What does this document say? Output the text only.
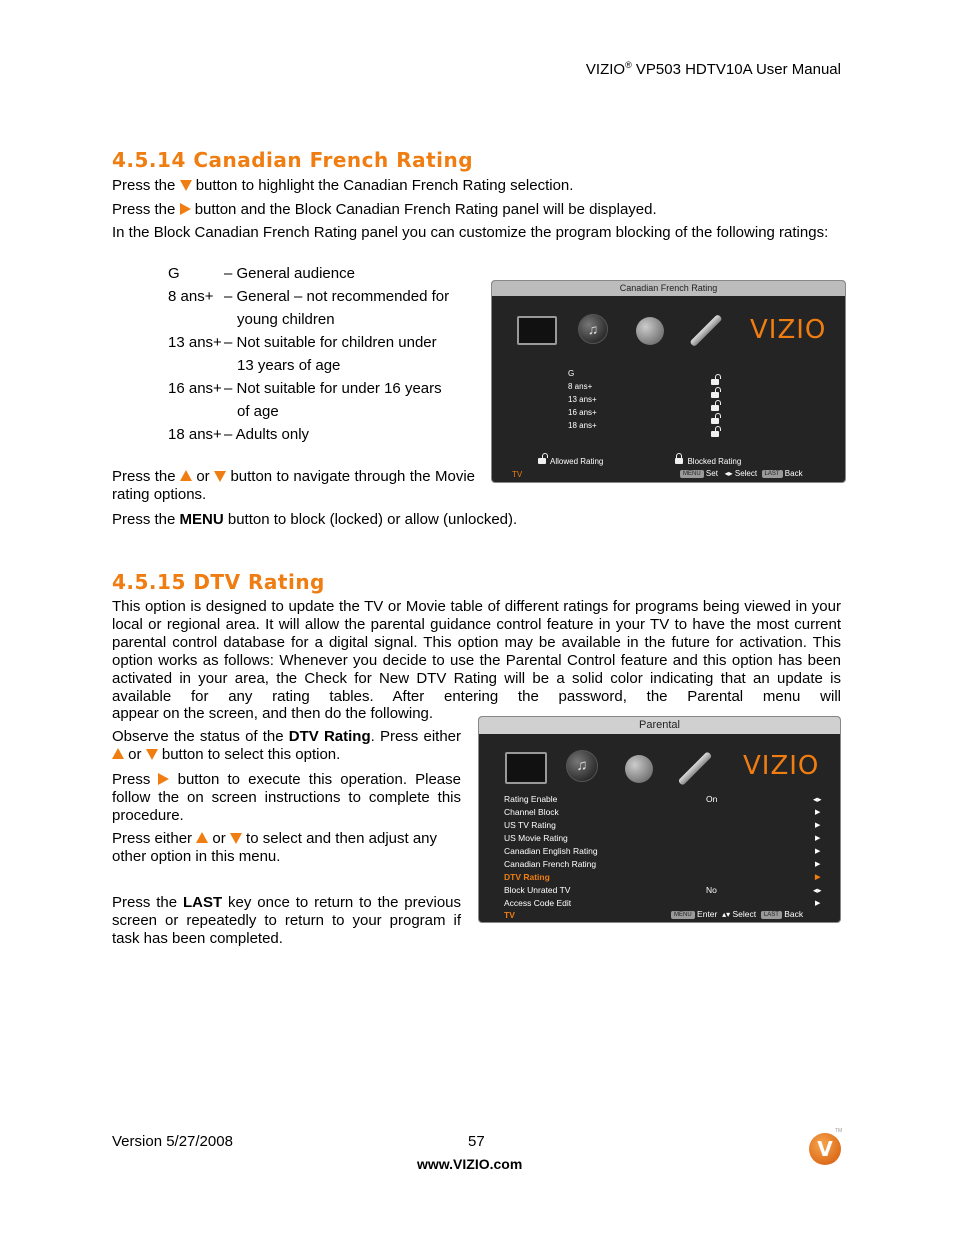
VIZIO® VP503 HDTV10A User Manual
4.5.14 Canadian French Rating
Press the  button to highlight the Canadian French Rating selection.
Press the  button and the Block Canadian French Rating panel will be displayed.
In the Block Canadian French Rating panel you can customize the program blocking of the following ratings:
G	– General audience
8 ans+ – General – not recommended for
young children
13 ans+ – Not suitable for children under
13 years of age
16 ans+ – Not suitable for under 16 years
of age
18 ans+ – Adults only
Press the  or  button to navigate through the Movie rating options.
Press the MENU button to block (locked) or allow (unlocked).
Canadian French Rating
♫	VIZIO
G
8 ans+
13 ans+
16 ans+
18 ans+
Allowed Rating	Blocked Rating
TV	MENU Set ◂▸ Select LAST Back
4.5.15 DTV Rating
This option is designed to update the TV or Movie table of different ratings for programs being viewed in your local or regional area. It will allow the parental guidance control feature in your TV to have the most current parental control database for a digital signal. This option may be available in the future for activation. This option works as follows: Whenever you decide to use the Parental Control feature and this option has been activated in your area, the Check for New DTV Rating will be a solid color indicating that an update is available for any rating tables. After entering the password, the Parental menu will
appear on the screen, and then do the following.
Observe the status of the DTV Rating. Press either  or  button to select this option.
Press  button to execute this operation. Please follow the on screen instructions to complete this procedure.
Press either  or  to select and then adjust any other option in this menu.
Press the LAST key once to return to the previous screen or repeatedly to return to your program if task has been completed.
Parental
♫	VIZIO
Rating Enable	On	◂▸
Channel Block	▶
US TV Rating	▶
US Movie Rating	▶
Canadian English Rating	▶
Canadian French Rating	▶
DTV Rating	▶
Block Unrated TV	No	◂▸
Access Code Edit	▶
TV	MENU Enter ▴▾ Select LAST Back
Version 5/27/2008	57
www.VIZIO.com
V
TM
